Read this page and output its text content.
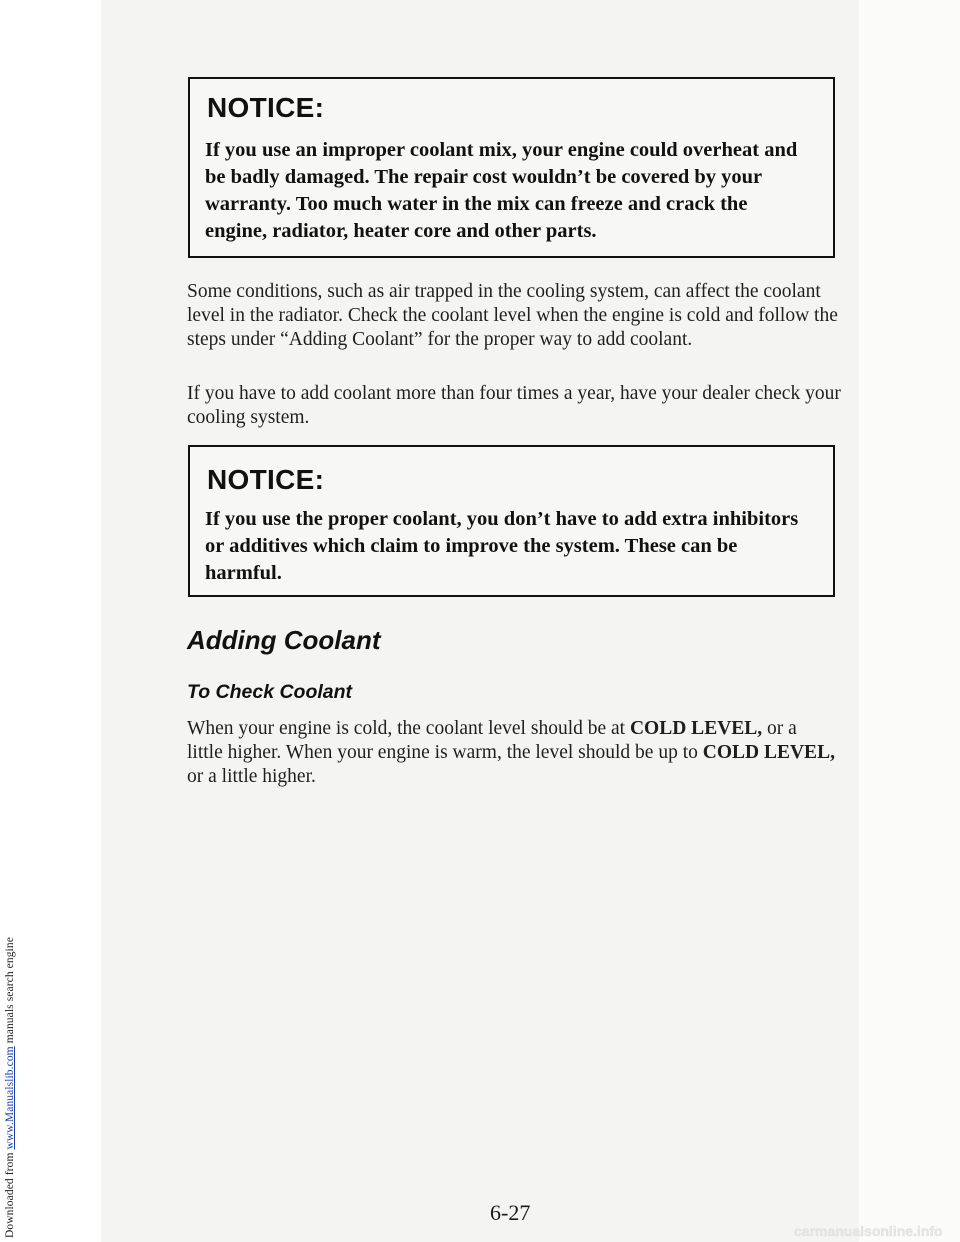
Downloaded from www.Manualslib.com manuals search engine
NOTICE:
If you use an improper coolant mix, your engine could overheat and be badly damaged. The repair cost wouldn’t be covered by your warranty. Too much water in the mix can freeze and crack the engine, radiator, heater core and other parts.
Some conditions, such as air trapped in the cooling system, can affect the coolant level in the radiator. Check the coolant level when the engine is cold and follow the steps under “Adding Coolant” for the proper way to add coolant.
If you have to add coolant more than four times a year, have your dealer check your cooling system.
NOTICE:
If you use the proper coolant, you don’t have to add extra inhibitors or additives which claim to improve the system. These can be harmful.
Adding Coolant
To Check Coolant
When your engine is cold, the coolant level should be at COLD LEVEL, or a little higher. When your engine is warm, the level should be up to COLD LEVEL, or a little higher.
6-27
carmanualsonline.info
